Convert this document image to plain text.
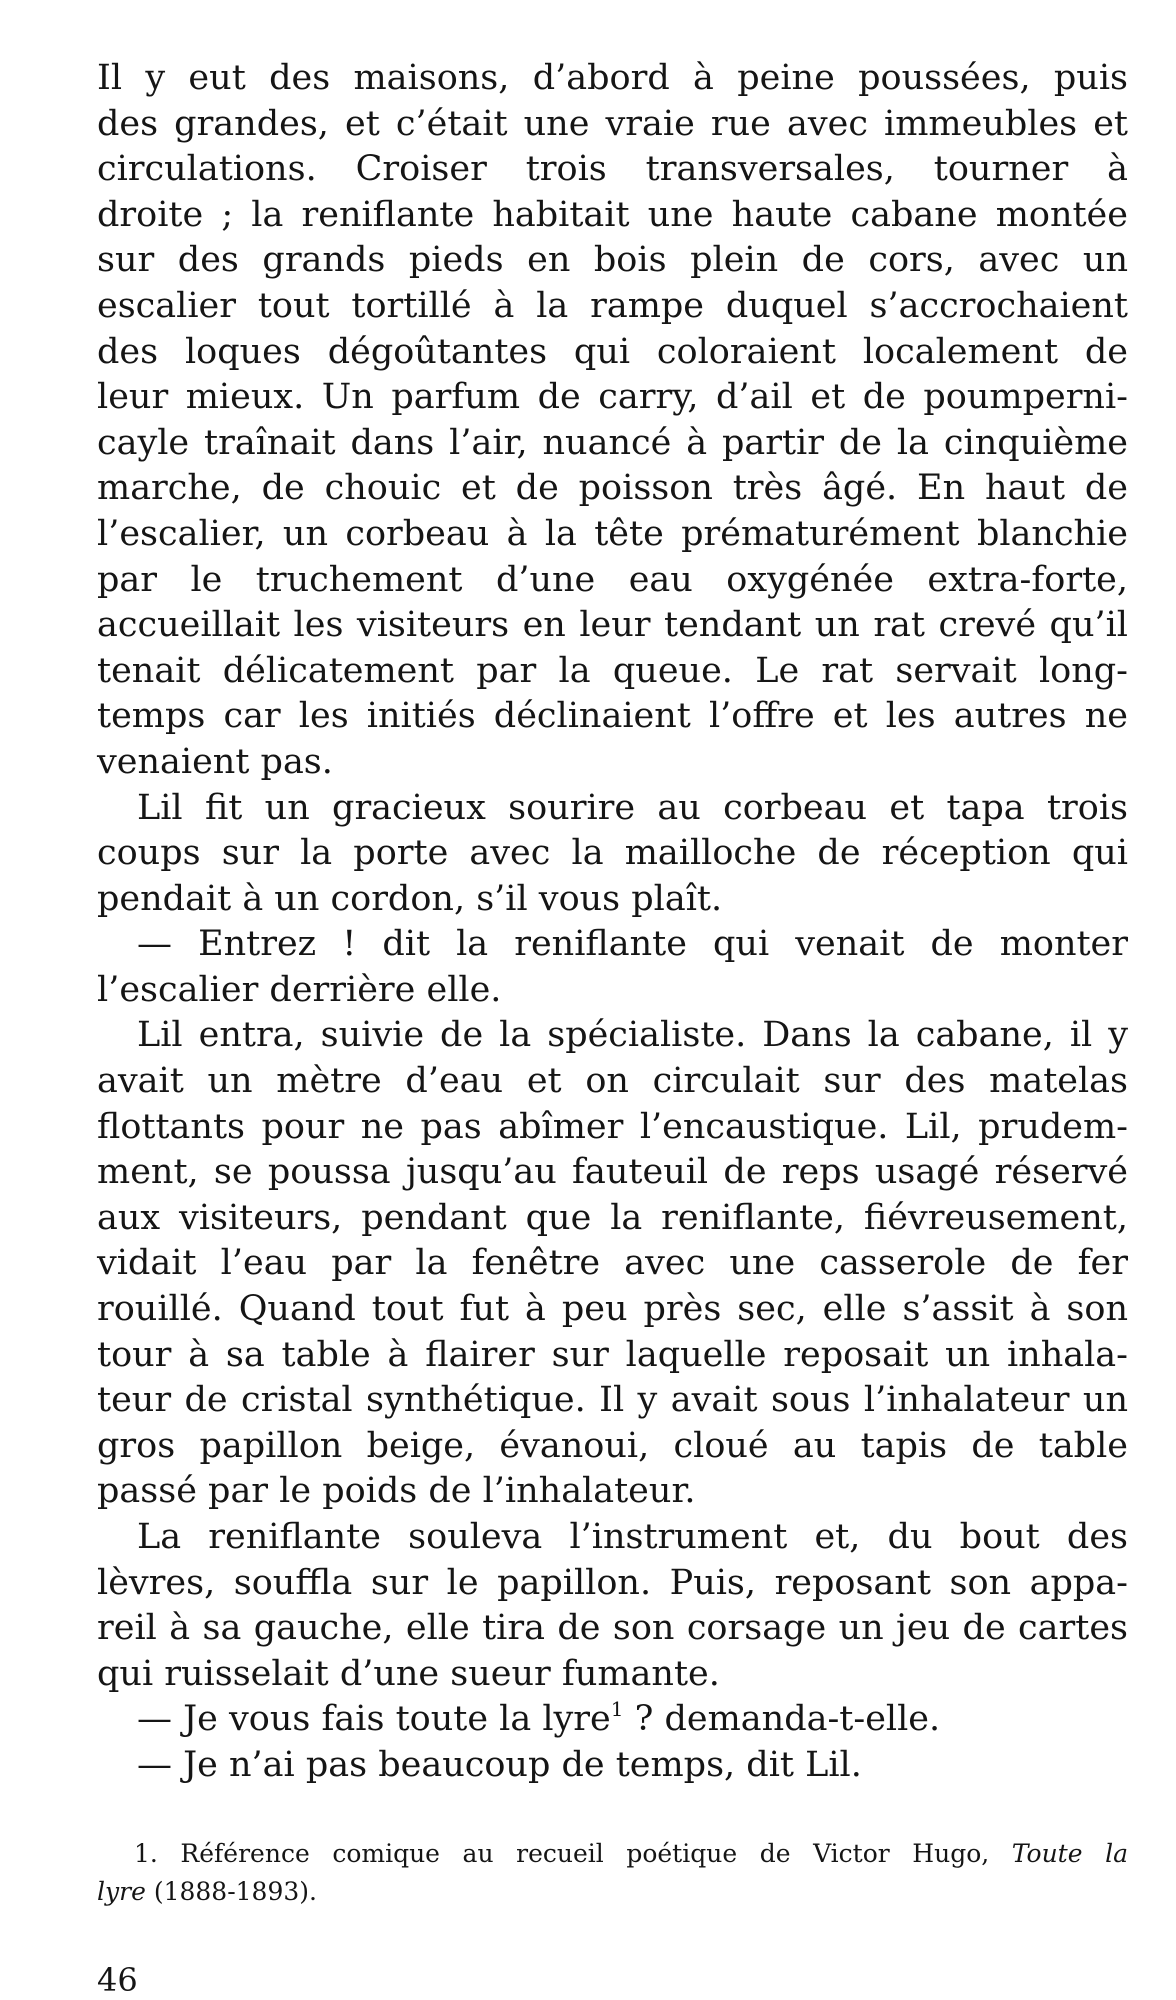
Il y eut des maisons, d’abord à peine poussées, puis
des grandes, et c’était une vraie rue avec immeubles et
circulations. Croiser trois transversales, tourner à
droite ; la reniflante habitait une haute cabane montée
sur des grands pieds en bois plein de cors, avec un
escalier tout tortillé à la rampe duquel s’accrochaient
des loques dégoûtantes qui coloraient localement de
leur mieux. Un parfum de carry, d’ail et de poumperni-
cayle traînait dans l’air, nuancé à partir de la cinquième
marche, de chouic et de poisson très âgé. En haut de
l’escalier, un corbeau à la tête prématurément blanchie
par le truchement d’une eau oxygénée extra-forte,
accueillait les visiteurs en leur tendant un rat crevé qu’il
tenait délicatement par la queue. Le rat servait long-
temps car les initiés déclinaient l’offre et les autres ne
venaient pas.
Lil fit un gracieux sourire au corbeau et tapa trois
coups sur la porte avec la mailloche de réception qui
pendait à un cordon, s’il vous plaît.
— Entrez ! dit la reniflante qui venait de monter
l’escalier derrière elle.
Lil entra, suivie de la spécialiste. Dans la cabane, il y
avait un mètre d’eau et on circulait sur des matelas
flottants pour ne pas abîmer l’encaustique. Lil, prudem-
ment, se poussa jusqu’au fauteuil de reps usagé réservé
aux visiteurs, pendant que la reniflante, fiévreusement,
vidait l’eau par la fenêtre avec une casserole de fer
rouillé. Quand tout fut à peu près sec, elle s’assit à son
tour à sa table à flairer sur laquelle reposait un inhala-
teur de cristal synthétique. Il y avait sous l’inhalateur un
gros papillon beige, évanoui, cloué au tapis de table
passé par le poids de l’inhalateur.
La reniflante souleva l’instrument et, du bout des
lèvres, souffla sur le papillon. Puis, reposant son appa-
reil à sa gauche, elle tira de son corsage un jeu de cartes
qui ruisselait d’une sueur fumante.
— Je vous fais toute la lyre$^1$ ? demanda-t-elle.
— Je n’ai pas beaucoup de temps, dit Lil.
1. Référence comique au recueil poétique de Victor Hugo, Toute la
lyre (1888-1893).
46
